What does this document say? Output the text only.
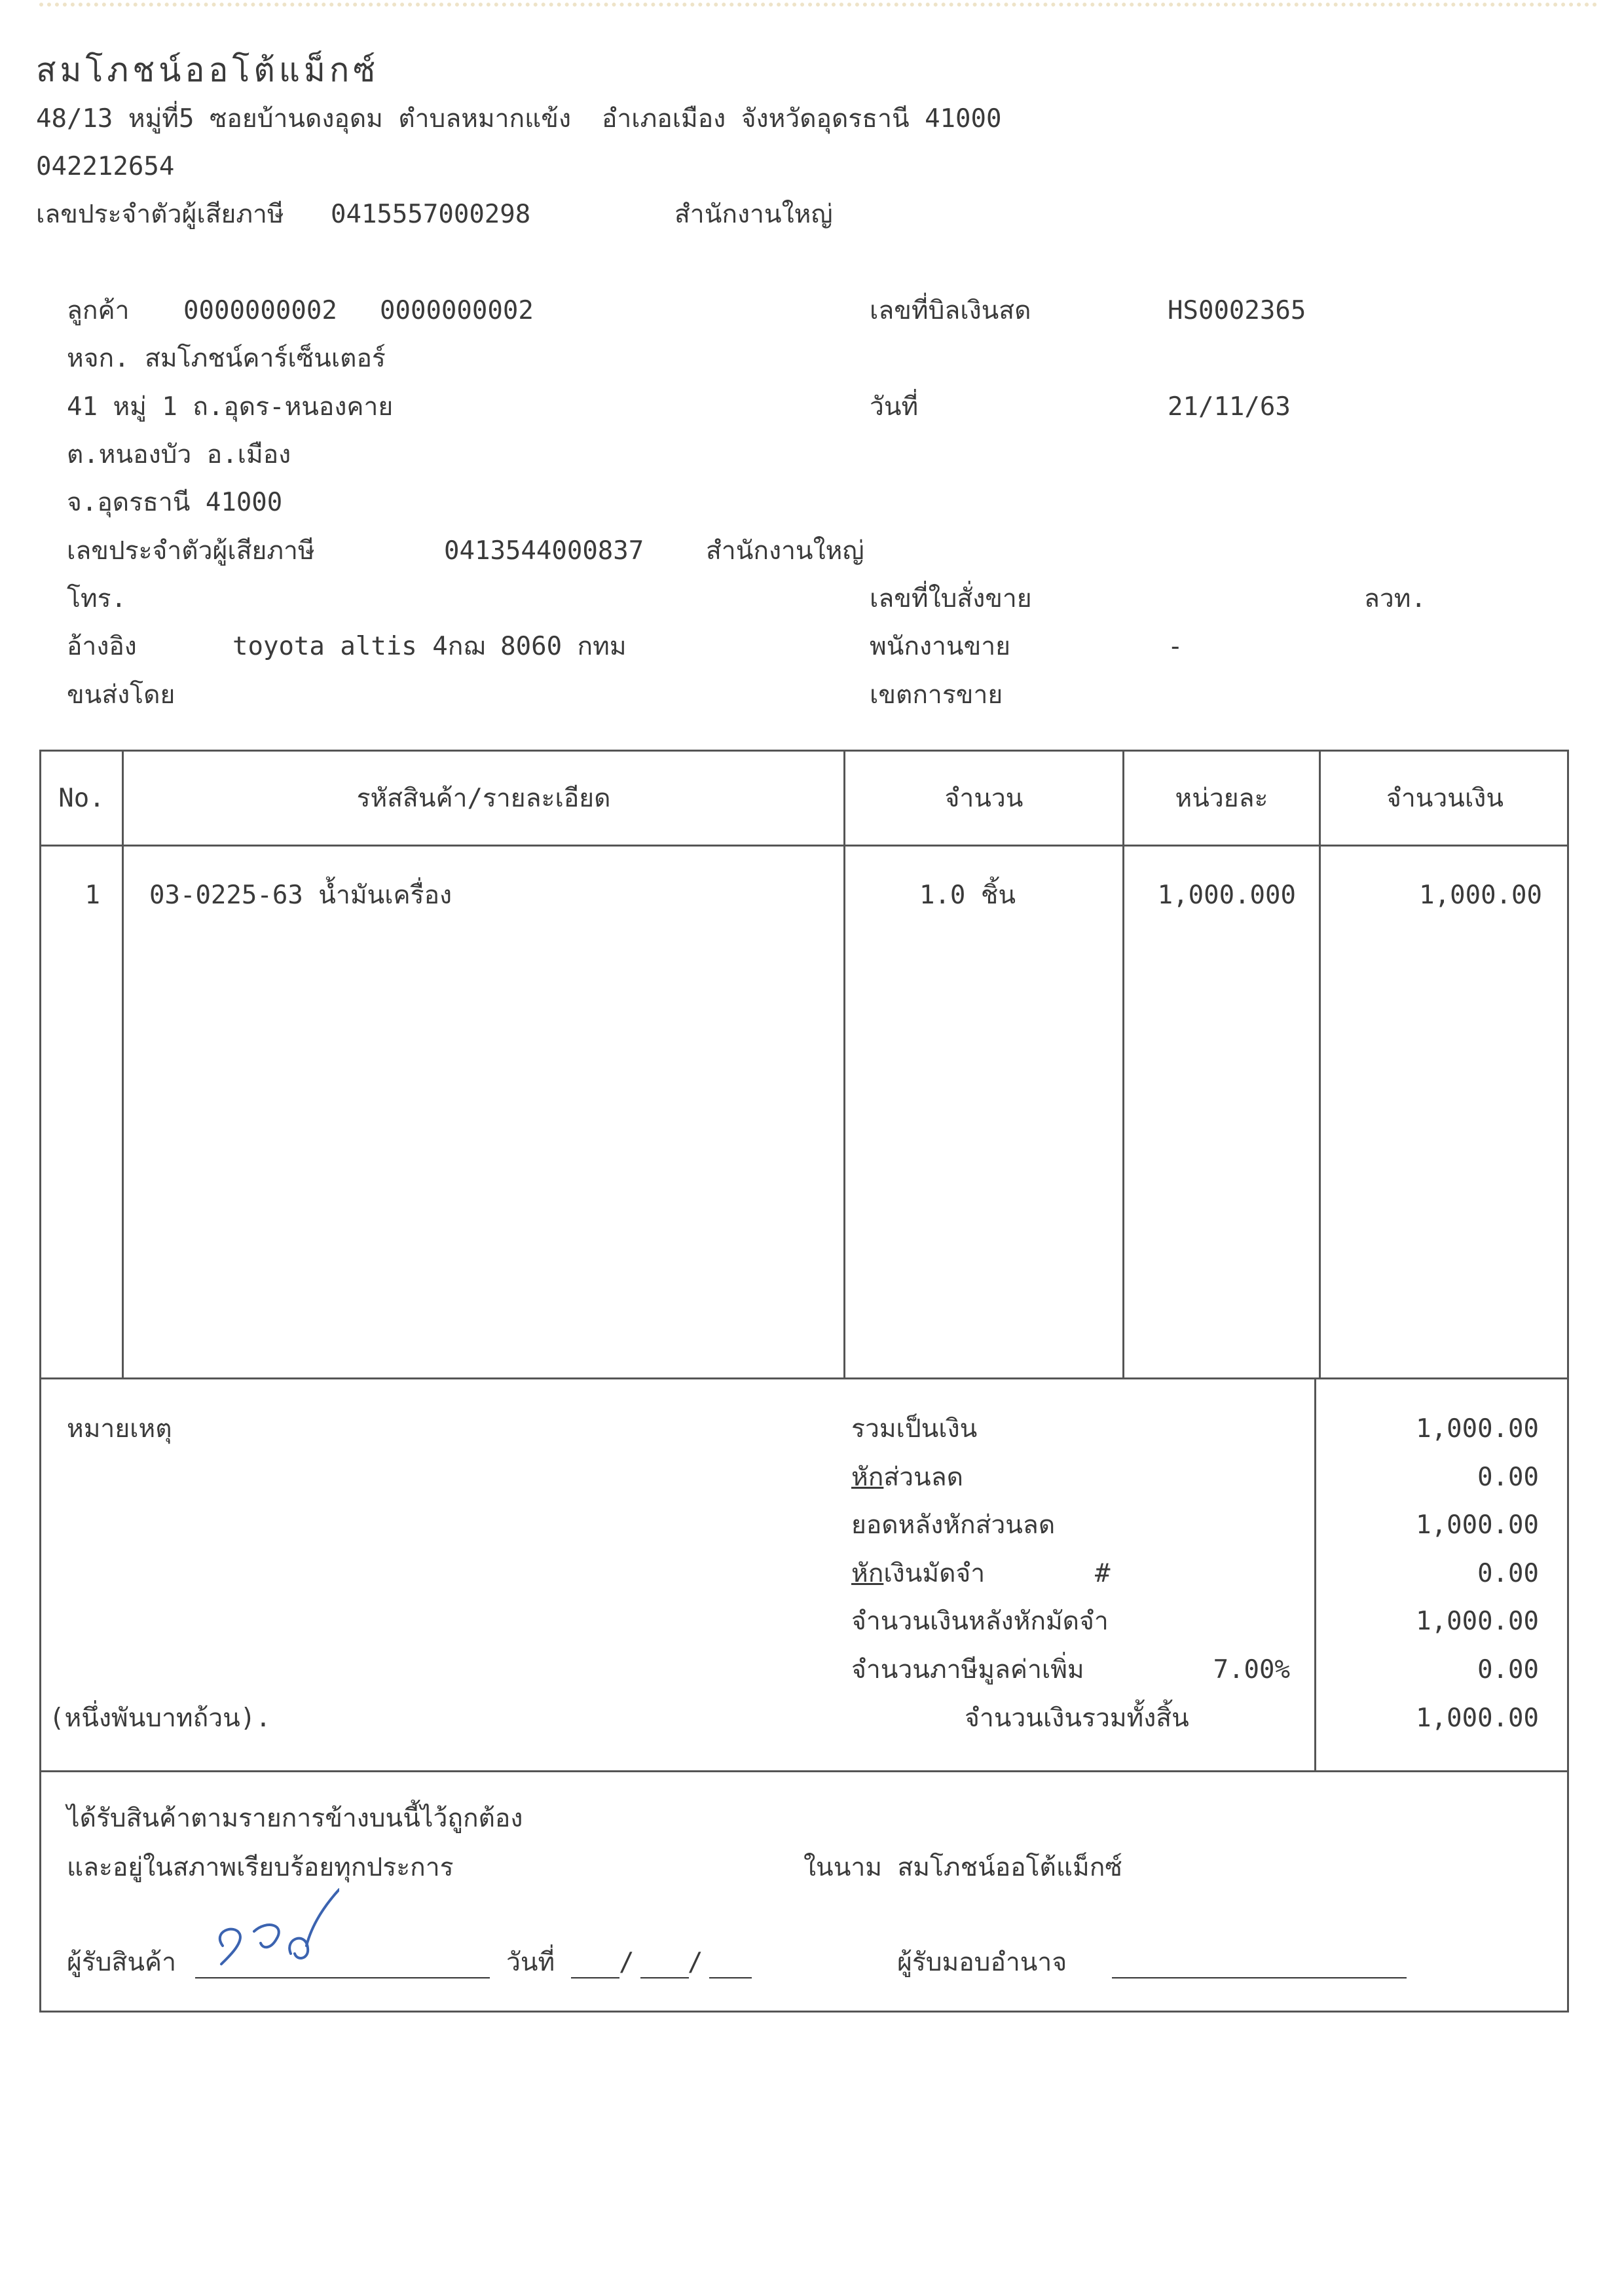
สมโภชน์ออโต้แม็กซ์
48/13 หมู่ที่5 ซอยบ้านดงอุดม ตำบลหมากแข้ง  อำเภอเมือง จังหวัดอุดรธานี 41000
042212654
เลขประจำตัวผู้เสียภาษี 0415557000298	สำนักงานใหญ่
ลูกค้า 0000000002 0000000002	เลขที่บิลเงินสด	HS0002365
หจก. สมโภชน์คาร์เซ็นเตอร์
41 หมู่ 1 ถ.อุดร-หนองคาย	วันที่	21/11/63
ต.หนองบัว อ.เมือง
จ.อุดรธานี 41000
เลขประจำตัวผู้เสียภาษี	0413544000837 สำนักงานใหญ่
โทร.	เลขที่ใบสั่งขาย	ลวท.
อ้างอิง	toyota altis 4กฌ 8060 กทม	พนักงานขาย	-
ขนส่งโดย	เขตการขาย
No.	รหัสสินค้า/รายละเอียด	จำนวน	หน่วยละ	จำนวนเงิน
1 03-0225-63 น้ำมันเครื่อง	1.0 ชิ้น	1,000.000	1,000.00
หมายเหตุ	รวมเป็นเงิน	1,000.00
หักส่วนลด	0.00
ยอดหลังหักส่วนลด	1,000.00
หักเงินมัดจำ	#	0.00
จำนวนเงินหลังหักมัดจำ	1,000.00
จำนวนภาษีมูลค่าเพิ่ม	7.00%	0.00
(หนึ่งพันบาทถ้วน).	จำนวนเงินรวมทั้งสิ้น	1,000.00
ได้รับสินค้าตามรายการข้างบนนี้ไว้ถูกต้อง
และอยู่ในสภาพเรียบร้อยทุกประการ	ในนาม สมโภชน์ออโต้แม็กซ์
ผู้รับสินค้า	วันที่	/ /	ผู้รับมอบอำนาจ
